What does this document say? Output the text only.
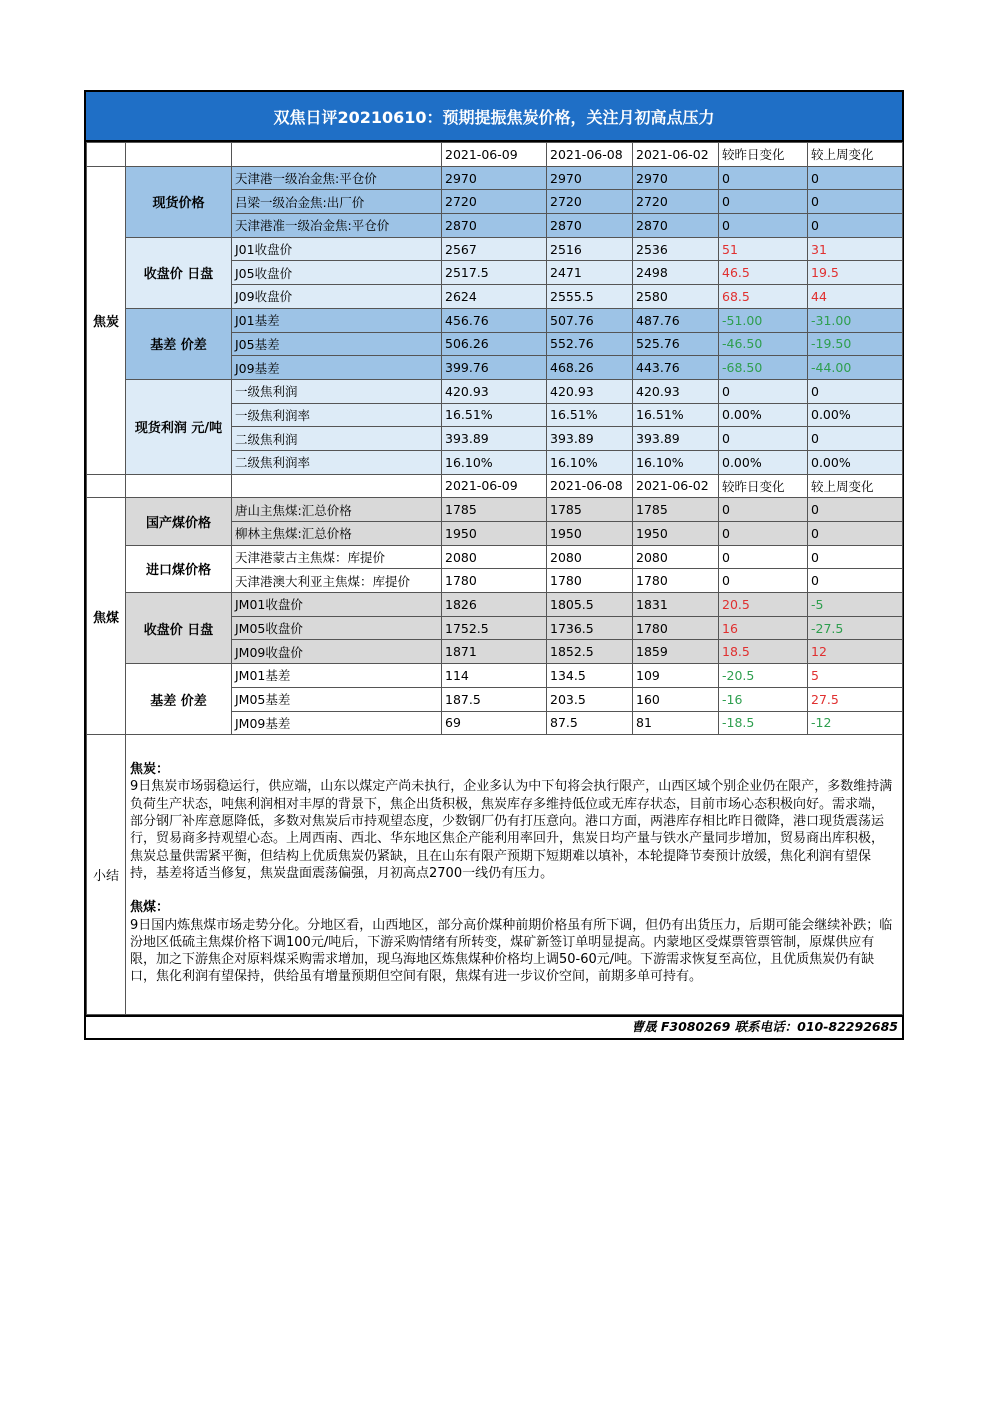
双焦日评20210610：预期提振焦炭价格，关注月初高点压力
			2021-06-09	2021-06-08	2021-06-02	较昨日变化	较上周变化
焦炭	现货价格	天津港一级冶金焦:平仓价	2970	2970	2970	0	0
		吕梁一级冶金焦:出厂价	2720	2720	2720	0	0
		天津港准一级冶金焦:平仓价	2870	2870	2870	0	0
	收盘价 日盘	J01收盘价	2567	2516	2536	51	31
		J05收盘价	2517.5	2471	2498	46.5	19.5
		J09收盘价	2624	2555.5	2580	68.5	44
	基差 价差	J01基差	456.76	507.76	487.76	-51.00	-31.00
		J05基差	506.26	552.76	525.76	-46.50	-19.50
		J09基差	399.76	468.26	443.76	-68.50	-44.00
	现货利润 元/吨	一级焦利润	420.93	420.93	420.93	0	0
		一级焦利润率	16.51%	16.51%	16.51%	0.00%	0.00%
		二级焦利润	393.89	393.89	393.89	0	0
		二级焦利润率	16.10%	16.10%	16.10%	0.00%	0.00%
			2021-06-09	2021-06-08	2021-06-02	较昨日变化	较上周变化
焦煤	国产煤价格	唐山主焦煤:汇总价格	1785	1785	1785	0	0
		柳林主焦煤:汇总价格	1950	1950	1950	0	0
	进口煤价格	天津港蒙古主焦煤：库提价	2080	2080	2080	0	0
		天津港澳大利亚主焦煤：库提价	1780	1780	1780	0	0
	收盘价 日盘	JM01收盘价	1826	1805.5	1831	20.5	-5
		JM05收盘价	1752.5	1736.5	1780	16	-27.5
		JM09收盘价	1871	1852.5	1859	18.5	12
	基差 价差	JM01基差	114	134.5	109	-20.5	5
		JM05基差	187.5	203.5	160	-16	27.5
		JM09基差	69	87.5	81	-18.5	-12
小结	焦炭：
9日焦炭市场弱稳运行，供应端，山东以煤定产尚未执行，企业多认为中下旬将会执行限产，山西区域个别企业仍在限产，多数维持满负荷生产状态，吨焦利润相对丰厚的背景下，焦企出货积极，焦炭库存多维持低位或无库存状态，目前市场心态积极向好。需求端，部分钢厂补库意愿降低，多数对焦炭后市持观望态度，少数钢厂仍有打压意向。港口方面，两港库存相比昨日微降，港口现货震荡运行，贸易商多持观望心态。上周西南、西北、华东地区焦企产能利用率回升，焦炭日均产量与铁水产量同步增加，贸易商出库积极，焦炭总量供需紧平衡，但结构上优质焦炭仍紧缺，且在山东有限产预期下短期难以填补，本轮提降节奏预计放缓，焦化利润有望保持，基差将适当修复，焦炭盘面震荡偏强，月初高点2700一线仍有压力。
焦煤：
9日国内炼焦煤市场走势分化。分地区看，山西地区，部分高价煤种前期价格虽有所下调，但仍有出货压力，后期可能会继续补跌；临汾地区低硫主焦煤价格下调100元/吨后，下游采购情绪有所转变，煤矿新签订单明显提高。内蒙地区受煤票管票管制，原煤供应有限，加之下游焦企对原料煤采购需求增加，现乌海地区炼焦煤种价格均上调50-60元/吨。下游需求恢复至高位，且优质焦炭仍有缺口，焦化利润有望保持，供给虽有增量预期但空间有限，焦煤有进一步议价空间，前期多单可持有。						
曹晟 F3080269 联系电话：010-82292685
